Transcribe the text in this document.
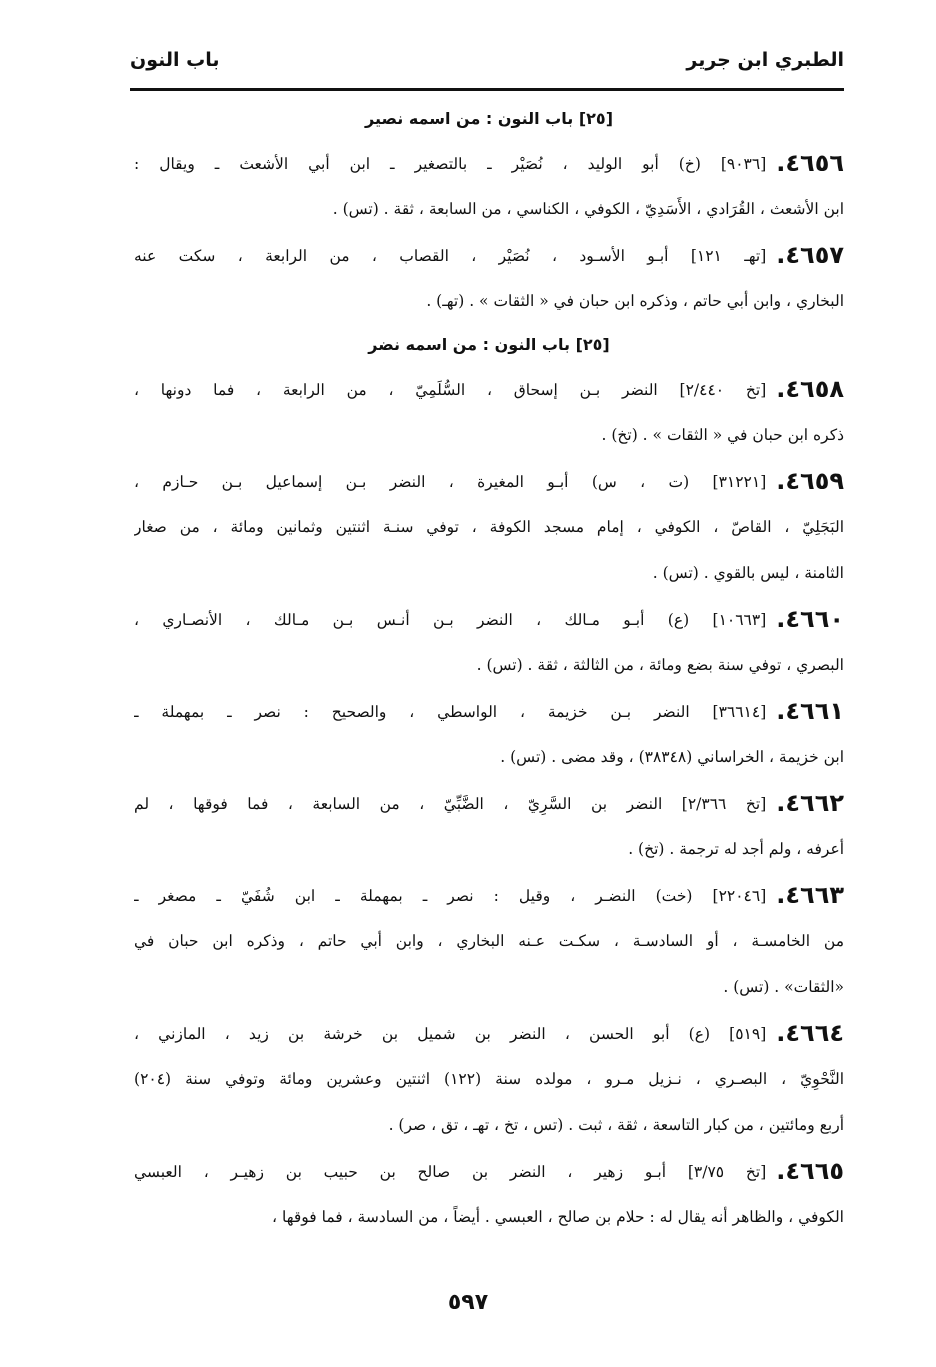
الطبري ابن جرير
باب النون
[٢٥] باب النون : من اسمه نصير
٤٦٥٦.[٩٠٣٦] (خ) أبو الوليد ، نُصَيْر ـ بالتصغير ـ ابن أبي الأشعث ـ ويقال :
ابن الأشعث ، القُرَادي ، الأَسَدِيّ ، الكوفي ، الكناسي ، من السابعة ، ثقة . (تس) .
٤٦٥٧.[تهـ ١٢١] أبـو الأسـود ، نُصَيْر ، القصاب ، من الرابعة ، سكت عنه
البخاري ، وابن أبي حاتم ، وذكره ابن حبان في « الثقات » . (تهـ) .
[٢٥] باب النون : من اسمه نضر
٤٦٥٨.[تخ ٢/٤٤٠] النضر بـن إسحاق ، السُّلَمِيّ ، من الرابعة ، فما دونها ،
ذكره ابن حبان في « الثقات » . (تخ) .
٤٦٥٩.[٣١٢٢١] (ت ، س) أبـو المغيرة ، النضر بـن إسماعيل بـن حـازم ،
البَجَلِيّ ، القاصّ ، الكوفي ، إمام مسجد الكوفة ، توفي سنـة اثنتين وثمانين ومائة ، من صغار
الثامنة ، ليس بالقوي . (تس) .
٤٦٦٠.[١٠٦٦٣] (ع) أبـو مـالك ، النضر بـن أنـس بـن مـالك ، الأنصـاري ،
البصري ، توفي سنة بضع ومائة ، من الثالثة ، ثقة . (تس) .
٤٦٦١.[٣٦٦١٤] النضر بـن خزيمة ، الواسطي ، والصحيح : نصر ـ بمهملة ـ
ابن خزيمة ، الخراساني (٣٨٣٤٨) ، وقد مضى . (تس) .
٤٦٦٢.[تخ ٢/٣٦٦] النضر بن السَّرِيّ ، الضَّبِّيّ ، من السابعة ، فما فوقها ، لم
أعرفه ، ولم أجد له ترجمة . (تخ) .
٤٦٦٣.[٢٢٠٤٦] (خت) النضـر ، وقيل : نصر ـ بمهملة ـ ابن شُفَيّ ـ مصغر ـ
من الخامسـة ، أو السادسـة ، سكـت عـنه البخاري ، وابن أبي حاتم ، وذكره ابن حبان في
«الثقات» . (تس) .
٤٦٦٤.[٥١٩] (ع) أبو الحسن ، النضر بن شميل بن خرشة بن زيد ، المازني ،
النَّحْوِيّ ، البصـري ، نـزيل مـرو ، مولده سنة (١٢٢) اثنتين وعشرين ومائة وتوفي سنة (٢٠٤)
أربع ومائتين ، من كبار التاسعة ، ثقة ، ثبت . (تس ، تخ ، تهـ ، تق ، صر) .
٤٦٦٥.[تخ ٣/٧٥] أبـو زهير ، النضر بن صالح بن حبيب بن زهيـر ، العبسي
الكوفي ، والظاهر أنه يقال له : حلام بن صالح ، العبسي . أيضاً ، من السادسة ، فما فوقها ،
٥٩٧
